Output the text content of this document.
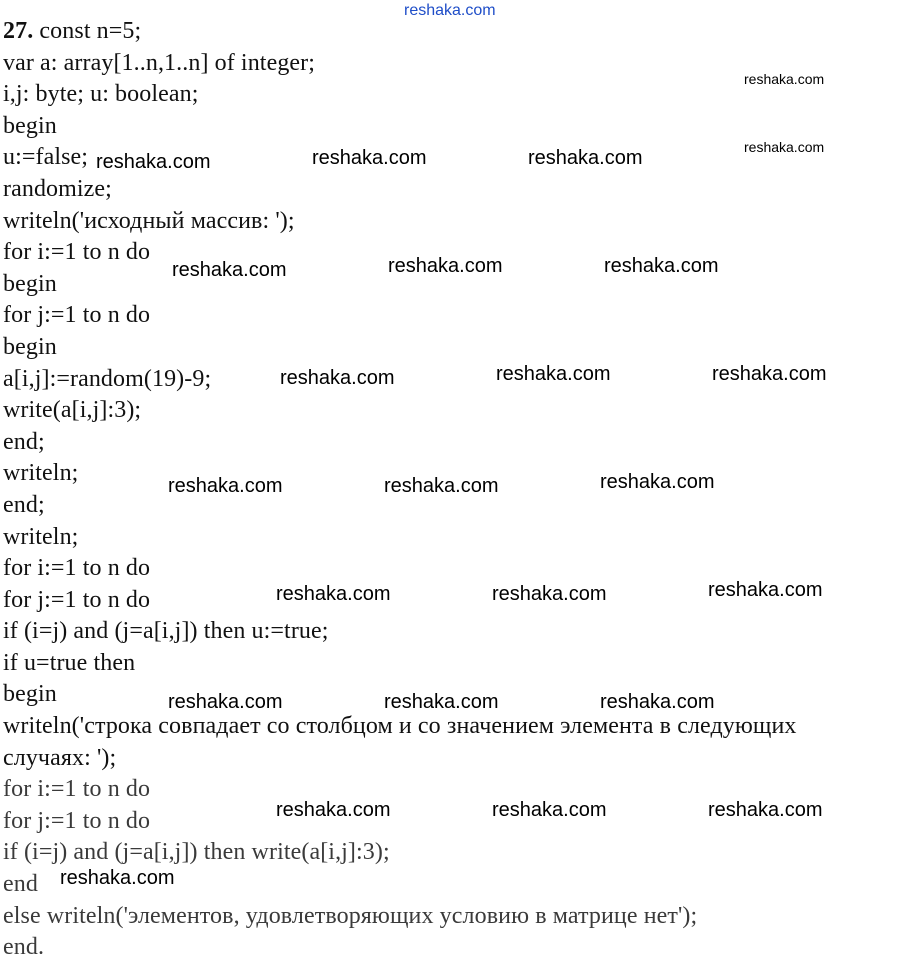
reshaka.com
27. const n=5;
var a: array[1..n,1..n] of integer;
i,j: byte; u: boolean;
begin
u:=false;
randomize;
writeln('исходный массив: ');
for i:=1 to n do
begin
for j:=1 to n do
begin
a[i,j]:=random(19)-9;
write(a[i,j]:3);
end;
writeln;
end;
writeln;
for i:=1 to n do
for j:=1 to n do
if (i=j) and (j=a[i,j]) then u:=true;
if u=true then
begin
writeln('строка совпадает со столбцом и со значением элемента в следующих
случаях: ');
for i:=1 to n do
for j:=1 to n do
if (i=j) and (j=a[i,j]) then write(a[i,j]:3);
end
else writeln('элементов, удовлетворяющих условию в матрице нет');
end.
reshaka.com
reshaka.com
reshaka.com	reshaka.com	reshaka.com
reshaka.com	reshaka.com	reshaka.com
reshaka.com	reshaka.com	reshaka.com
reshaka.com	reshaka.com	reshaka.com
reshaka.com	reshaka.com	reshaka.com
reshaka.com	reshaka.com	reshaka.com
reshaka.com	reshaka.com	reshaka.com
reshaka.com
